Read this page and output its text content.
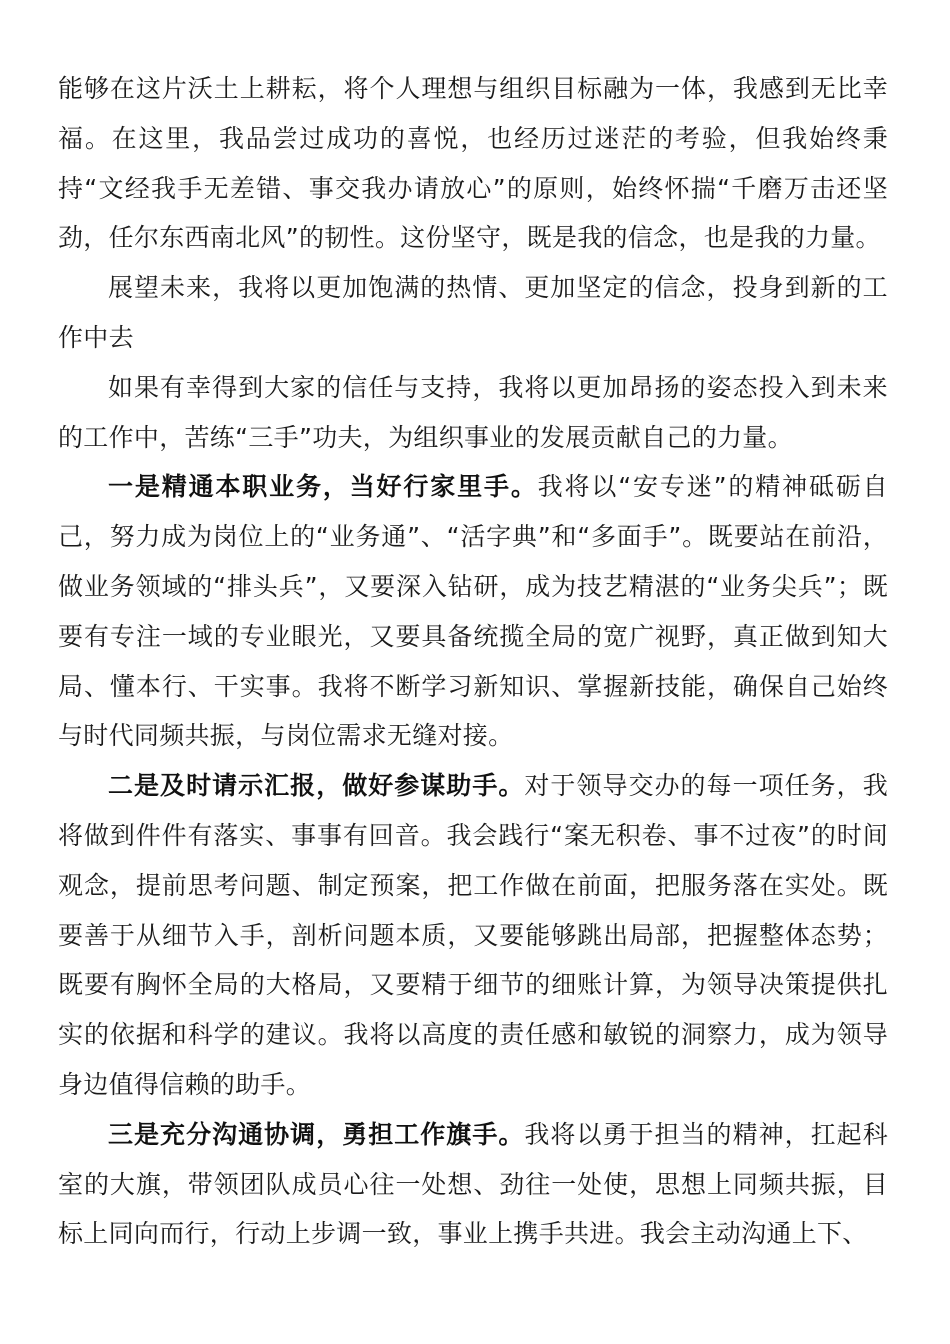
能够在这片沃土上耕耘，将个人理想与组织目标融为一体，我感到无比幸福。在这里，我品尝过成功的喜悦，也经历过迷茫的考验，但我始终秉持“文经我手无差错、事交我办请放心”的原则，始终怀揣“千磨万击还坚劲，任尔东西南北风”的韧性。这份坚守，既是我的信念，也是我的力量。

展望未来，我将以更加饱满的热情、更加坚定的信念，投身到新的工作中去

如果有幸得到大家的信任与支持，我将以更加昂扬的姿态投入到未来的工作中，苦练“三手”功夫，为组织事业的发展贡献自己的力量。

一是精通本职业务，当好行家里手。我将以“安专迷”的精神砥砺自己，努力成为岗位上的“业务通”、“活字典”和“多面手”。既要站在前沿，做业务领域的“排头兵”，又要深入钻研，成为技艺精湛的“业务尖兵”；既要有专注一域的专业眼光，又要具备统揽全局的宽广视野，真正做到知大局、懂本行、干实事。我将不断学习新知识、掌握新技能，确保自己始终与时代同频共振，与岗位需求无缝对接。

二是及时请示汇报，做好参谋助手。对于领导交办的每一项任务，我将做到件件有落实、事事有回音。我会践行“案无积卷、事不过夜”的时间观念，提前思考问题、制定预案，把工作做在前面，把服务落在实处。既要善于从细节入手，剖析问题本质，又要能够跳出局部，把握整体态势；既要有胸怀全局的大格局，又要精于细节的细账计算，为领导决策提供扎实的依据和科学的建议。我将以高度的责任感和敏锐的洞察力，成为领导身边值得信赖的助手。

三是充分沟通协调，勇担工作旗手。我将以勇于担当的精神，扛起科室的大旗，带领团队成员心往一处想、劲往一处使，思想上同频共振，目标上同向而行，行动上步调一致，事业上携手共进。我会主动沟通上下、
